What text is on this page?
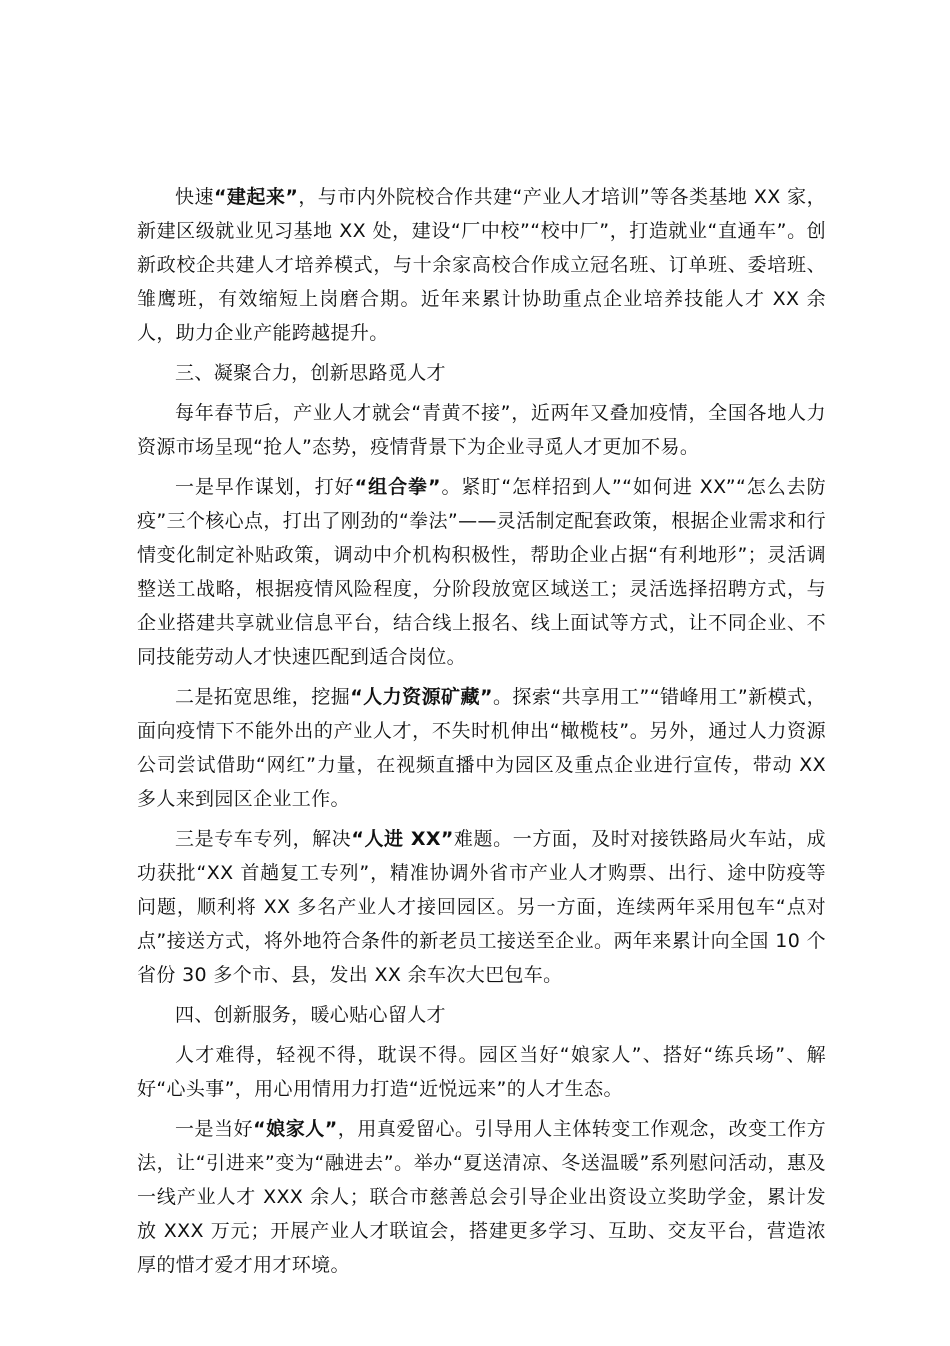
快速“建起来”，与市内外院校合作共建“产业人才培训”等各类基地 XX 家，新建区级就业见习基地 XX 处，建设“厂中校”“校中厂”，打造就业“直通车”。创新政校企共建人才培养模式，与十余家高校合作成立冠名班、订单班、委培班、雏鹰班，有效缩短上岗磨合期。近年来累计协助重点企业培养技能人才 XX 余人，助力企业产能跨越提升。

三、凝聚合力，创新思路觅人才

每年春节后，产业人才就会“青黄不接”，近两年又叠加疫情，全国各地人力资源市场呈现“抢人”态势，疫情背景下为企业寻觅人才更加不易。

一是早作谋划，打好“组合拳”。紧盯“怎样招到人”“如何进 XX”“怎么去防疫”三个核心点，打出了刚劲的“拳法”——灵活制定配套政策，根据企业需求和行情变化制定补贴政策，调动中介机构积极性，帮助企业占据“有利地形”；灵活调整送工战略，根据疫情风险程度，分阶段放宽区域送工；灵活选择招聘方式，与企业搭建共享就业信息平台，结合线上报名、线上面试等方式，让不同企业、不同技能劳动人才快速匹配到适合岗位。

二是拓宽思维，挖掘“人力资源矿藏”。探索“共享用工”“错峰用工”新模式，面向疫情下不能外出的产业人才，不失时机伸出“橄榄枝”。另外，通过人力资源公司尝试借助“网红”力量，在视频直播中为园区及重点企业进行宣传，带动 XX 多人来到园区企业工作。

三是专车专列，解决“人进 XX”难题。一方面，及时对接铁路局火车站，成功获批“XX 首趟复工专列”，精准协调外省市产业人才购票、出行、途中防疫等问题，顺利将 XX 多名产业人才接回园区。另一方面，连续两年采用包车“点对点”接送方式，将外地符合条件的新老员工接送至企业。两年来累计向全国 10 个省份 30 多个市、县，发出 XX 余车次大巴包车。

四、创新服务，暖心贴心留人才

人才难得，轻视不得，耽误不得。园区当好“娘家人”、搭好“练兵场”、解好“心头事”，用心用情用力打造“近悦远来”的人才生态。

一是当好“娘家人”，用真爱留心。引导用人主体转变工作观念，改变工作方法，让“引进来”变为“融进去”。举办“夏送清凉、冬送温暖”系列慰问活动，惠及一线产业人才 XXX 余人；联合市慈善总会引导企业出资设立奖助学金，累计发放 XXX 万元；开展产业人才联谊会，搭建更多学习、互助、交友平台，营造浓厚的惜才爱才用才环境。
